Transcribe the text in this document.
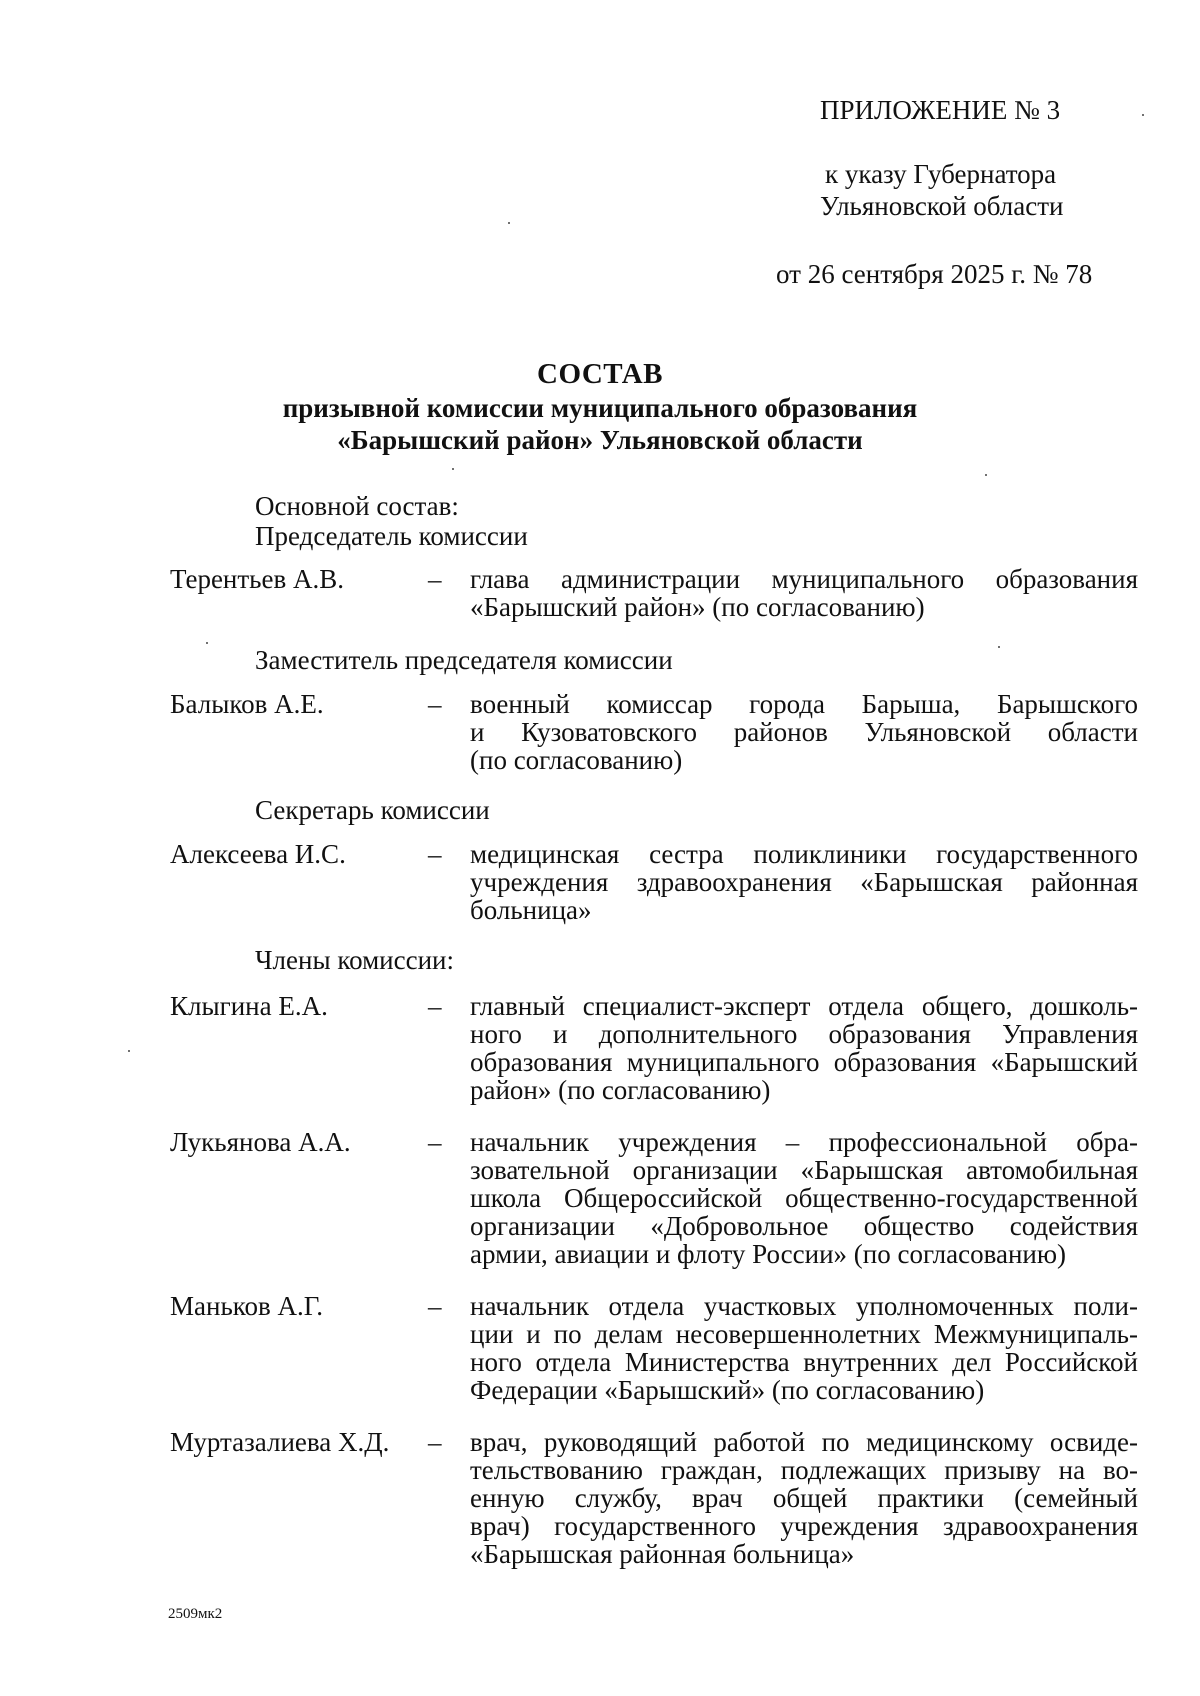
ПРИЛОЖЕНИЕ № 3
к указу Губернатора
Ульяновской области
от 26 сентября 2025 г. № 78
СОСТАВ
призывной комиссии муниципального образования
«Барышский район» Ульяновской области
Основной состав:
Председатель комиссии
Терентьев А.В.	– глава администрации муниципального образования
«Барышский район» (по согласованию)
Заместитель председателя комиссии
Балыков А.Е.	– военный комиссар города Барыша, Барышского
и Кузоватовского районов Ульяновской области
(по согласованию)
Секретарь комиссии
Алексеева И.С.	– медицинская сестра поликлиники государственного
учреждения здравоохранения «Барышская районная
больница»
Члены комиссии:
Клыгина Е.А.	– главный специалист-эксперт отдела общего, дошколь-
ного и дополнительного образования Управления
образования муниципального образования «Барышский
район» (по согласованию)
Лукьянова А.А.	– начальник учреждения – профессиональной обра-
зовательной организации «Барышская автомобильная
школа Общероссийской общественно-государственной
организации «Добровольное общество содействия
армии, авиации и флоту России» (по согласованию)
Маньков А.Г.	– начальник отдела участковых уполномоченных поли-
ции и по делам несовершеннолетних Межмуниципаль-
ного отдела Министерства внутренних дел Российской
Федерации «Барышский» (по согласованию)
Муртазалиева Х.Д. – врач, руководящий работой по медицинскому освиде-
тельствованию граждан, подлежащих призыву на во-
енную службу, врач общей практики (семейный
врач) государственного учреждения здравоохранения
«Барышская районная больница»
2509мк2
